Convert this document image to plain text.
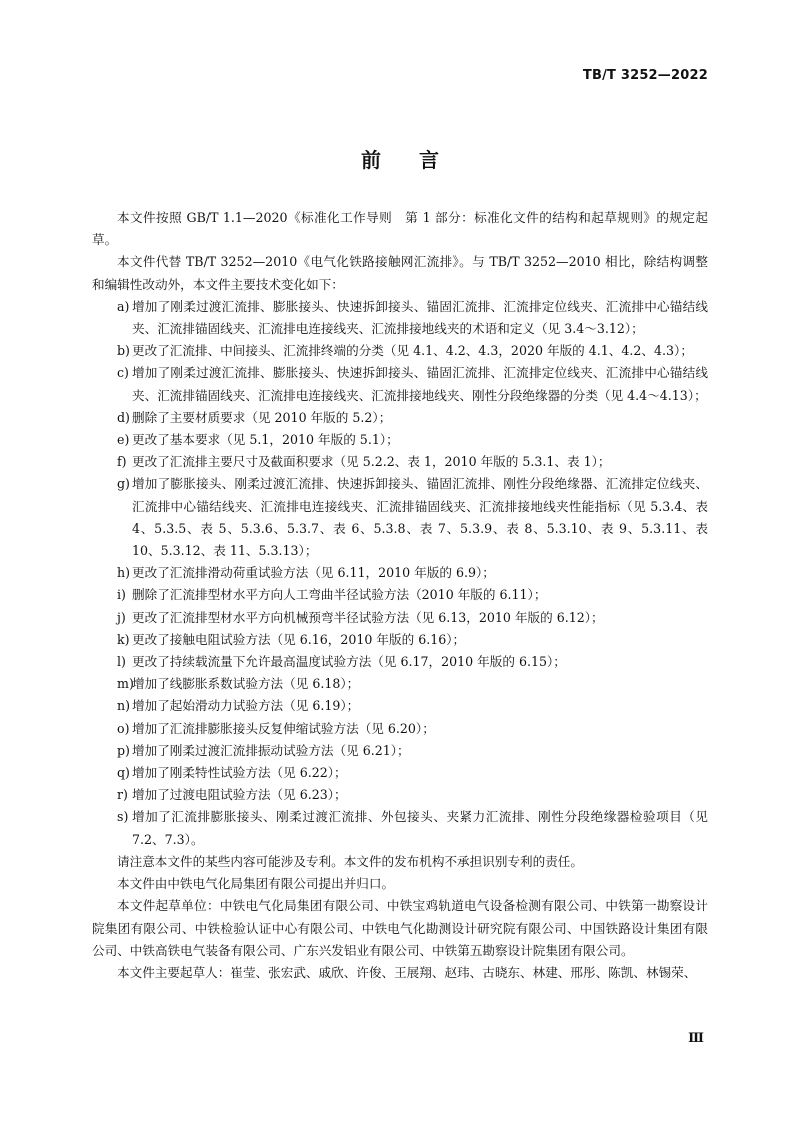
TB/T 3252—2022
前言

本文件按照 GB/T 1.1—2020《标准化工作导则　第 1 部分：标准化文件的结构和起草规则》的规定起草。

本文件代替 TB/T 3252—2010《电气化铁路接触网汇流排》。与 TB/T 3252—2010 相比，除结构调整和编辑性改动外，本文件主要技术变化如下：

a) 增加了刚柔过渡汇流排、膨胀接头、快速拆卸接头、锚固汇流排、汇流排定位线夹、汇流排中心锚结线夹、汇流排锚固线夹、汇流排电连接线夹、汇流排接地线夹的术语和定义（见 3.4～3.12）；
b) 更改了汇流排、中间接头、汇流排终端的分类（见 4.1、4.2、4.3，2020 年版的 4.1、4.2、4.3）；
c) 增加了刚柔过渡汇流排、膨胀接头、快速拆卸接头、锚固汇流排、汇流排定位线夹、汇流排中心锚结线夹、汇流排锚固线夹、汇流排电连接线夹、汇流排接地线夹、刚性分段绝缘器的分类（见 4.4～4.13）；
d) 删除了主要材质要求（见 2010 年版的 5.2）；
e) 更改了基本要求（见 5.1，2010 年版的 5.1）；
f) 更改了汇流排主要尺寸及截面积要求（见 5.2.2、表 1，2010 年版的 5.3.1、表 1）；
g) 增加了膨胀接头、刚柔过渡汇流排、快速拆卸接头、锚固汇流排、刚性分段绝缘器、汇流排定位线夹、汇流排中心锚结线夹、汇流排电连接线夹、汇流排锚固线夹、汇流排接地线夹性能指标（见 5.3.4、表 4、5.3.5、表 5、5.3.6、5.3.7、表 6、5.3.8、表 7、5.3.9、表 8、5.3.10、表 9、5.3.11、表 10、5.3.12、表 11、5.3.13）；
h) 更改了汇流排滑动荷重试验方法（见 6.11，2010 年版的 6.9）；
i) 删除了汇流排型材水平方向人工弯曲半径试验方法（2010 年版的 6.11）；
j) 更改了汇流排型材水平方向机械预弯半径试验方法（见 6.13，2010 年版的 6.12）；
k) 更改了接触电阻试验方法（见 6.16，2010 年版的 6.16）；
l) 更改了持续载流量下允许最高温度试验方法（见 6.17，2010 年版的 6.15）；
m)
增加了线膨胀系数试验方法（见 6.18）；
n) 增加了起始滑动力试验方法（见 6.19）；
o) 增加了汇流排膨胀接头反复伸缩试验方法（见 6.20）；
p) 增加了刚柔过渡汇流排振动试验方法（见 6.21）；
q) 增加了刚柔特性试验方法（见 6.22）；
r) 增加了过渡电阻试验方法（见 6.23）；
s) 增加了汇流排膨胀接头、刚柔过渡汇流排、外包接头、夹紧力汇流排、刚性分段绝缘器检验项目（见 7.2、7.3）。

请注意本文件的某些内容可能涉及专利。本文件的发布机构不承担识别专利的责任。

本文件由中铁电气化局集团有限公司提出并归口。

本文件起草单位：中铁电气化局集团有限公司、中铁宝鸡轨道电气设备检测有限公司、中铁第一勘察设计院集团有限公司、中铁检验认证中心有限公司、中铁电气化勘测设计研究院有限公司、中国铁路设计集团有限公司、中铁高铁电气装备有限公司、广东兴发铝业有限公司、中铁第五勘察设计院集团有限公司。

本文件主要起草人：崔莹、张宏武、戚欣、许俊、王展翔、赵玮、古晓东、林建、邢彤、陈凯、林锡荣、

Ⅲ
